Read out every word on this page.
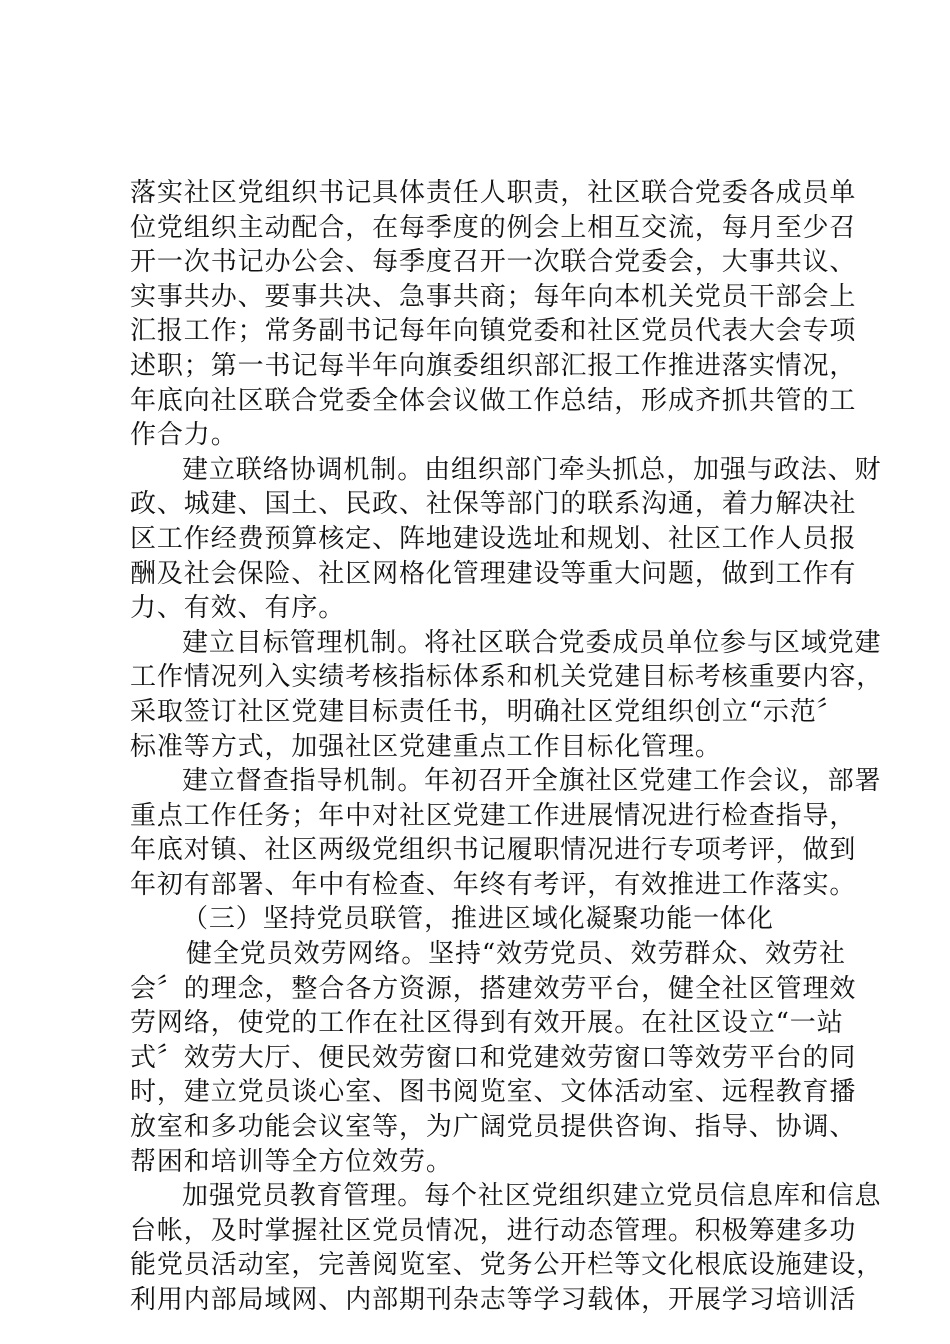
落实社区党组织书记具体责任人职责，社区联合党委各成员单
位党组织主动配合，在每季度的例会上相互交流，每月至少召
开一次书记办公会、每季度召开一次联合党委会，大事共议、
实事共办、要事共决、急事共商；每年向本机关党员干部会上
汇报工作；常务副书记每年向镇党委和社区党员代表大会专项
述职；第一书记每半年向旗委组织部汇报工作推进落实情况，
年底向社区联合党委全体会议做工作总结，形成齐抓共管的工
作合力。

建立联络协调机制。由组织部门牵头抓总，加强与政法、财
政、城建、国土、民政、社保等部门的联系沟通，着力解决社
区工作经费预算核定、阵地建设选址和规划、社区工作人员报
酬及社会保险、社区网格化管理建设等重大问题，做到工作有
力、有效、有序。

建立目标管理机制。将社区联合党委成员单位参与区域党建
工作情况列入实绩考核指标体系和机关党建目标考核重要内容，
采取签订社区党建目标责任书，明确社区党组织创立“示范〞
标准等方式，加强社区党建重点工作目标化管理。

建立督查指导机制。年初召开全旗社区党建工作会议，部署
重点工作任务；年中对社区党建工作进展情况进行检查指导，
年底对镇、社区两级党组织书记履职情况进行专项考评，做到
年初有部署、年中有检查、年终有考评，有效推进工作落实。

（三）坚持党员联管，推进区域化凝聚功能一体化

健全党员效劳网络。坚持“效劳党员、效劳群众、效劳社
会〞的理念，整合各方资源，搭建效劳平台，健全社区管理效
劳网络，使党的工作在社区得到有效开展。在社区设立“一站
式〞效劳大厅、便民效劳窗口和党建效劳窗口等效劳平台的同
时，建立党员谈心室、图书阅览室、文体活动室、远程教育播
放室和多功能会议室等，为广阔党员提供咨询、指导、协调、
帮困和培训等全方位效劳。

加强党员教育管理。每个社区党组织建立党员信息库和信息
台帐，及时掌握社区党员情况，进行动态管理。积极筹建多功
能党员活动室，完善阅览室、党务公开栏等文化根底设施建设，
利用内部局域网、内部期刊杂志等学习载体，开展学习培训活
